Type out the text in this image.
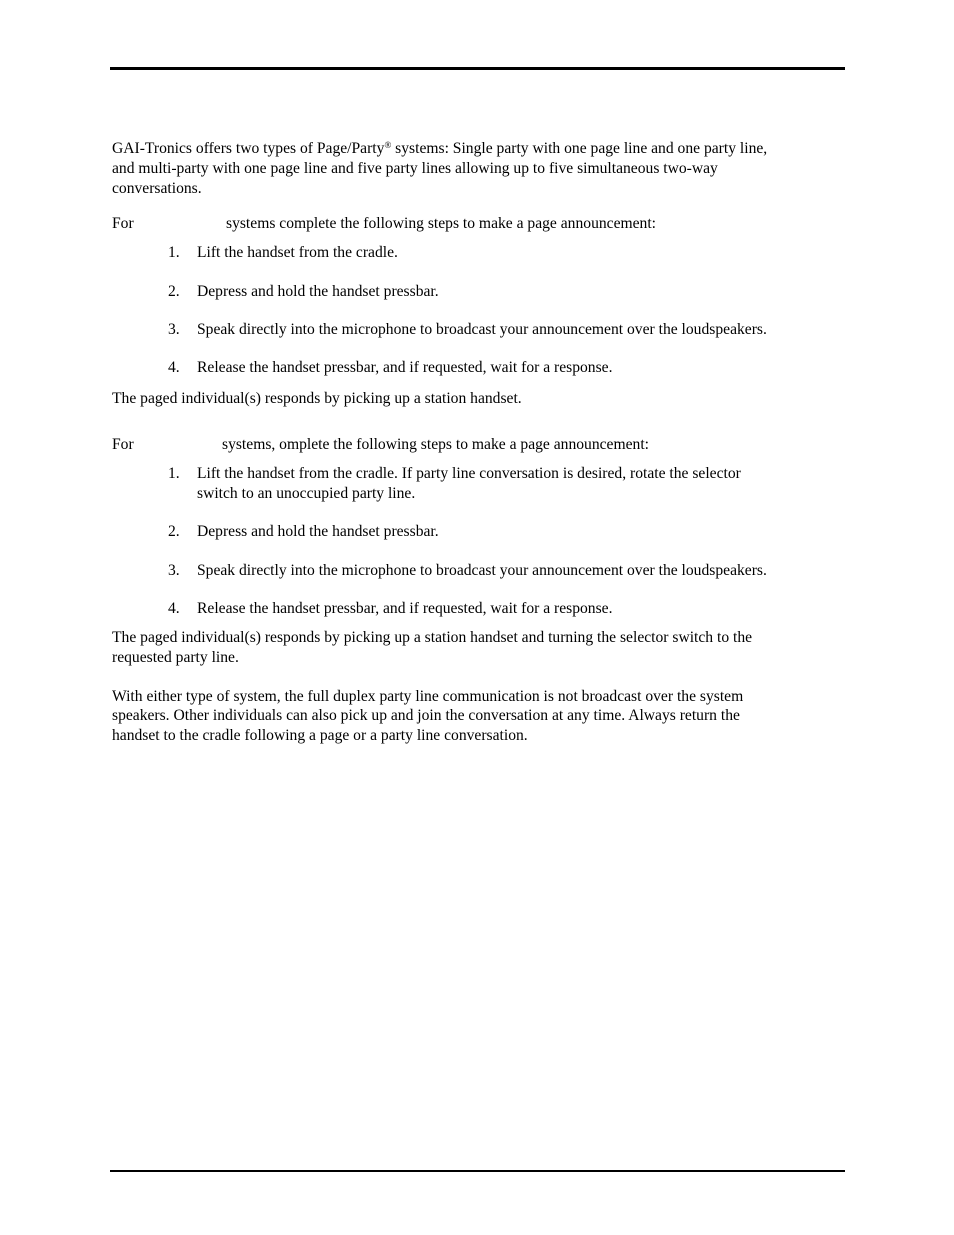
GAI-Tronics offers two types of Page/Party® systems: Single party with one page line and one party line,
and multi-party with one page line and five party lines allowing up to five simultaneous two-way
conversations.
For	systems complete the following steps to make a page announcement:
1. Lift the handset from the cradle.
2. Depress and hold the handset pressbar.
3. Speak directly into the microphone to broadcast your announcement over the loudspeakers.
4. Release the handset pressbar, and if requested, wait for a response.
The paged individual(s) responds by picking up a station handset.
For	systems, omplete the following steps to make a page announcement:
1. Lift the handset from the cradle. If party line conversation is desired, rotate the selector
switch to an unoccupied party line.
2. Depress and hold the handset pressbar.
3. Speak directly into the microphone to broadcast your announcement over the loudspeakers.
4. Release the handset pressbar, and if requested, wait for a response.
The paged individual(s) responds by picking up a station handset and turning the selector switch to the
requested party line.
With either type of system, the full duplex party line communication is not broadcast over the system
speakers. Other individuals can also pick up and join the conversation at any time. Always return the
handset to the cradle following a page or a party line conversation.
